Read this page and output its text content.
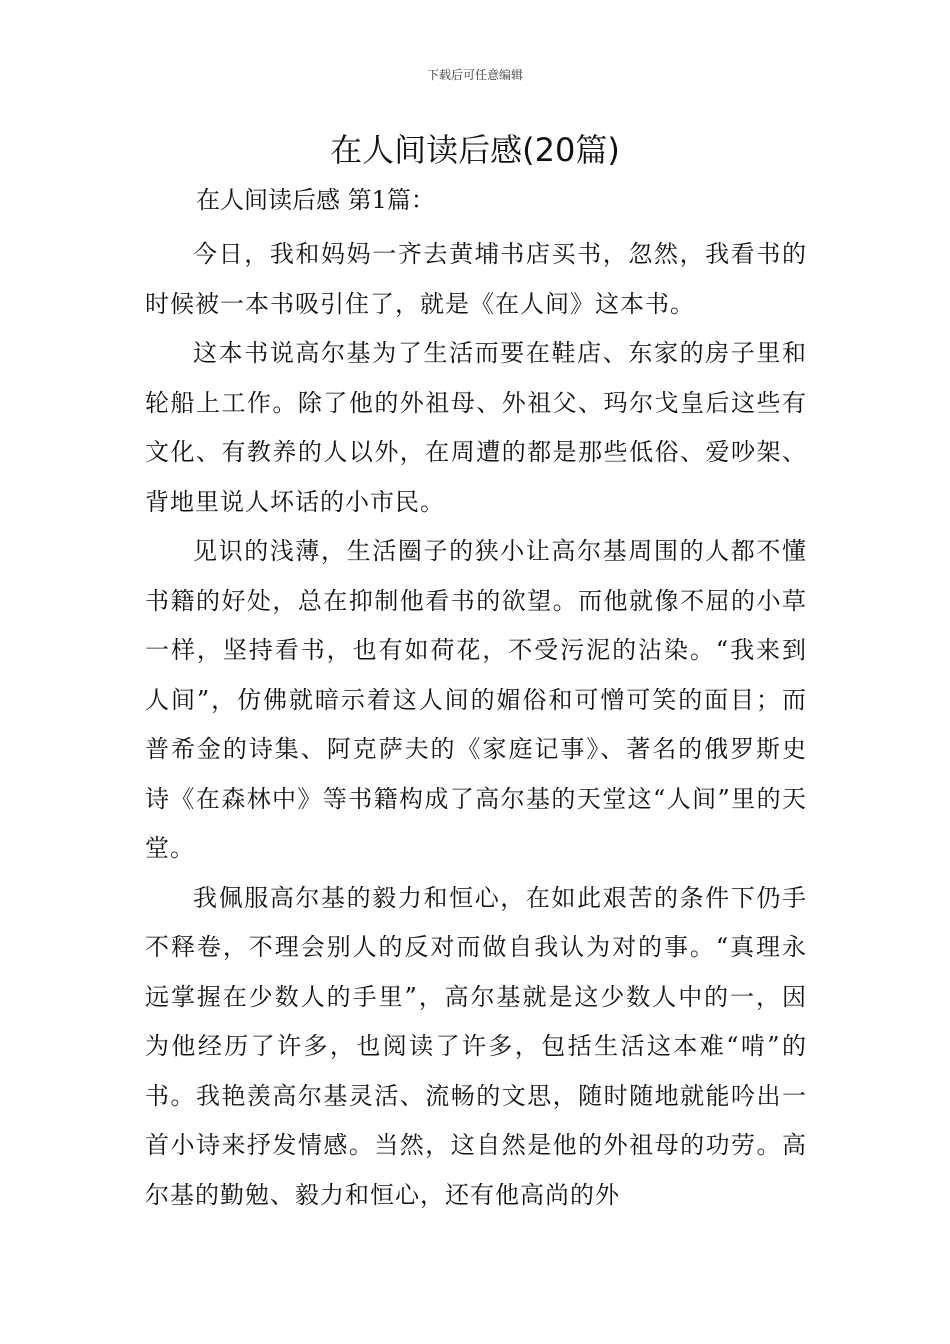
下载后可任意编辑
在人间读后感(20篇)
在人间读后感 第1篇：

今日，我和妈妈一齐去黄埔书店买书，忽然，我看书的时候被一本书吸引住了，就是《在人间》这本书。

这本书说高尔基为了生活而要在鞋店、东家的房子里和轮船上工作。除了他的外祖母、外祖父、玛尔戈皇后这些有文化、有教养的人以外，在周遭的都是那些低俗、爱吵架、背地里说人坏话的小市民。

见识的浅薄，生活圈子的狭小让高尔基周围的人都不懂书籍的好处，总在抑制他看书的欲望。而他就像不屈的小草一样，坚持看书，也有如荷花，不受污泥的沾染。“我来到人间”，仿佛就暗示着这人间的媚俗和可憎可笑的面目；而普希金的诗集、阿克萨夫的《家庭记事》、著名的俄罗斯史诗《在森林中》等书籍构成了高尔基的天堂这“人间”里的天堂。

我佩服高尔基的毅力和恒心，在如此艰苦的条件下仍手不释卷，不理会别人的反对而做自我认为对的事。“真理永远掌握在少数人的手里”，高尔基就是这少数人中的一，因为他经历了许多，也阅读了许多，包括生活这本难“啃”的书。我艳羡高尔基灵活、流畅的文思，随时随地就能吟出一首小诗来抒发情感。当然，这自然是他的外祖母的功劳。高尔基的勤勉、毅力和恒心，还有他高尚的外
